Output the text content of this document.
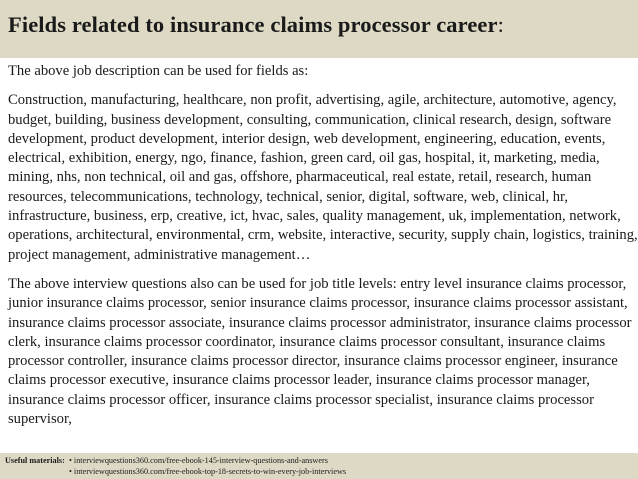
Fields related to insurance claims processor career:

The above job description can be used for fields as:

Construction, manufacturing, healthcare, non profit, advertising, agile, architecture, automotive, agency, budget, building, business development, consulting, communication, clinical research, design, software development, product development, interior design, web development, engineering, education, events, electrical, exhibition, energy, ngo, finance, fashion, green card, oil gas, hospital, it, marketing, media, mining, nhs, non technical, oil and gas, offshore, pharmaceutical, real estate, retail, research, human resources, telecommunications, technology, technical, senior, digital, software, web, clinical, hr, infrastructure, business, erp, creative, ict, hvac, sales, quality management, uk, implementation, network, operations, architectural, environmental, crm, website, interactive, security, supply chain, logistics, training, project management, administrative management…

The above interview questions also can be used for job title levels: entry level insurance claims processor, junior insurance claims processor, senior insurance claims processor, insurance claims processor assistant, insurance claims processor associate, insurance claims processor administrator, insurance claims processor clerk, insurance claims processor coordinator, insurance claims processor consultant, insurance claims processor controller, insurance claims processor director, insurance claims processor engineer, insurance claims processor executive, insurance claims processor leader, insurance claims processor manager, insurance claims processor officer, insurance claims processor specialist, insurance claims processor supervisor,

Useful materials: • interviewquestions360.com/free-ebook-145-interview-questions-and-answers
• interviewquestions360.com/free-ebook-top-18-secrets-to-win-every-job-interviews
